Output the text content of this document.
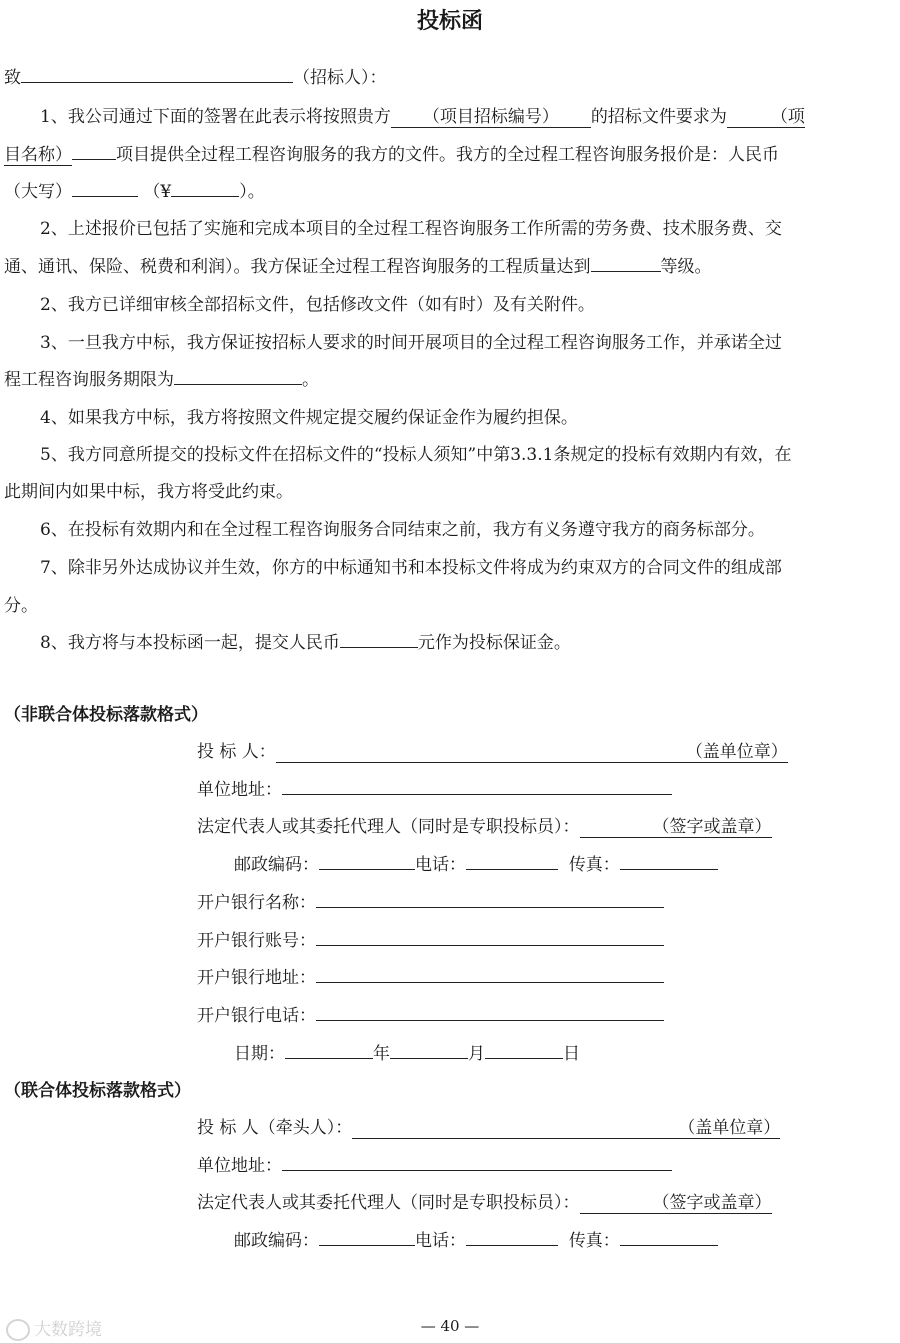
投标函
致	（招标人）：
1、我公司通过下面的签署在此表示将按照贵方 （项目招标编号） 的招标文件要求为	（项
目名称）	项目提供全过程工程咨询服务的我方的文件。我方的全过程工程咨询服务报价是：人民币
（大写）	（¥	）。
2、上述报价已包括了实施和完成本项目的全过程工程咨询服务工作所需的劳务费、技术服务费、交
通、通讯、保险、税费和利润）。我方保证全过程工程咨询服务的工程质量达到	等级。
2、我方已详细审核全部招标文件，包括修改文件（如有时）及有关附件。
3、一旦我方中标，我方保证按招标人要求的时间开展项目的全过程工程咨询服务工作，并承诺全过
程工程咨询服务期限为	。
4、如果我方中标，我方将按照文件规定提交履约保证金作为履约担保。
5、我方同意所提交的投标文件在招标文件的“投标人须知”中第3.3.1条规定的投标有效期内有效，在
此期间内如果中标，我方将受此约束。
6、在投标有效期内和在全过程工程咨询服务合同结束之前，我方有义务遵守我方的商务标部分。
7、除非另外达成协议并生效，你方的中标通知书和本投标文件将成为约束双方的合同文件的组成部
分。
8、我方将与本投标函一起，提交人民币	元作为投标保证金。
（非联合体投标落款格式）
投 标 人：	（盖单位章）
单位地址：
法定代表人或其委托代理人（同时是专职投标员）：	（签字或盖章）
邮政编码：	电话：	传真：
开户银行名称：
开户银行账号：
开户银行地址：
开户银行电话：
日期：	年	月	日
（联合体投标落款格式）
投 标 人（牵头人）：	（盖单位章）
单位地址：
法定代表人或其委托代理人（同时是专职投标员）：	（签字或盖章）
邮政编码：	电话：	传真：
大数跨境	— 40 —
